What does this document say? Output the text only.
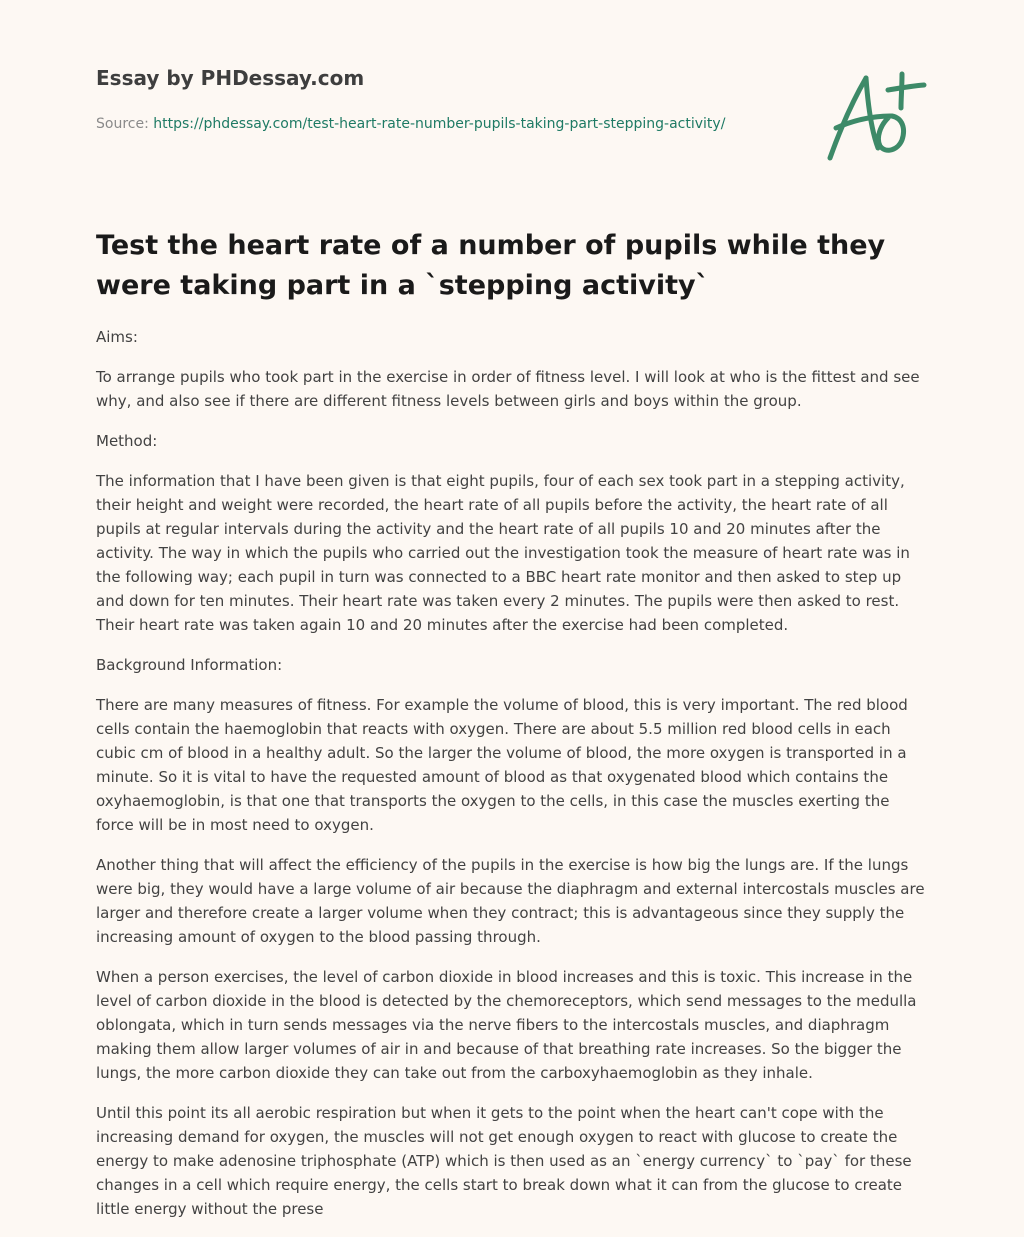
Essay by PHDessay.com
Source: https://phdessay.com/test-heart-rate-number-pupils-taking-part-stepping-activity/
Test the heart rate of a number of pupils while they were taking part in a `stepping activity`

Aims:

To arrange pupils who took part in the exercise in order of fitness level. I will look at who is the fittest and see why, and also see if there are different fitness levels between girls and boys within the group.

Method:

The information that I have been given is that eight pupils, four of each sex took part in a stepping activity, their height and weight were recorded, the heart rate of all pupils before the activity, the heart rate of all pupils at regular intervals during the activity and the heart rate of all pupils 10 and 20 minutes after the activity. The way in which the pupils who carried out the investigation took the measure of heart rate was in the following way; each pupil in turn was connected to a BBC heart rate monitor and then asked to step up and down for ten minutes. Their heart rate was taken every 2 minutes. The pupils were then asked to rest. Their heart rate was taken again 10 and 20 minutes after the exercise had been completed.

Background Information:

There are many measures of fitness. For example the volume of blood, this is very important. The red blood cells contain the haemoglobin that reacts with oxygen. There are about 5.5 million red blood cells in each cubic cm of blood in a healthy adult. So the larger the volume of blood, the more oxygen is transported in a minute. So it is vital to have the requested amount of blood as that oxygenated blood which contains the oxyhaemoglobin, is that one that transports the oxygen to the cells, in this case the muscles exerting the force will be in most need to oxygen.

Another thing that will affect the efficiency of the pupils in the exercise is how big the lungs are. If the lungs were big, they would have a large volume of air because the diaphragm and external intercostals muscles are larger and therefore create a larger volume when they contract; this is advantageous since they supply the increasing amount of oxygen to the blood passing through.

When a person exercises, the level of carbon dioxide in blood increases and this is toxic. This increase in the level of carbon dioxide in the blood is detected by the chemoreceptors, which send messages to the medulla oblongata, which in turn sends messages via the nerve fibers to the intercostals muscles, and diaphragm making them allow larger volumes of air in and because of that breathing rate increases. So the bigger the lungs, the more carbon dioxide they can take out from the carboxyhaemoglobin as they inhale.

Until this point its all aerobic respiration but when it gets to the point when the heart can't cope with the increasing demand for oxygen, the muscles will not get enough oxygen to react with glucose to create the energy to make adenosine triphosphate (ATP) which is then used as an `energy currency` to `pay` for these changes in a cell which require energy, the cells start to break down what it can from the glucose to create little energy without the prese
